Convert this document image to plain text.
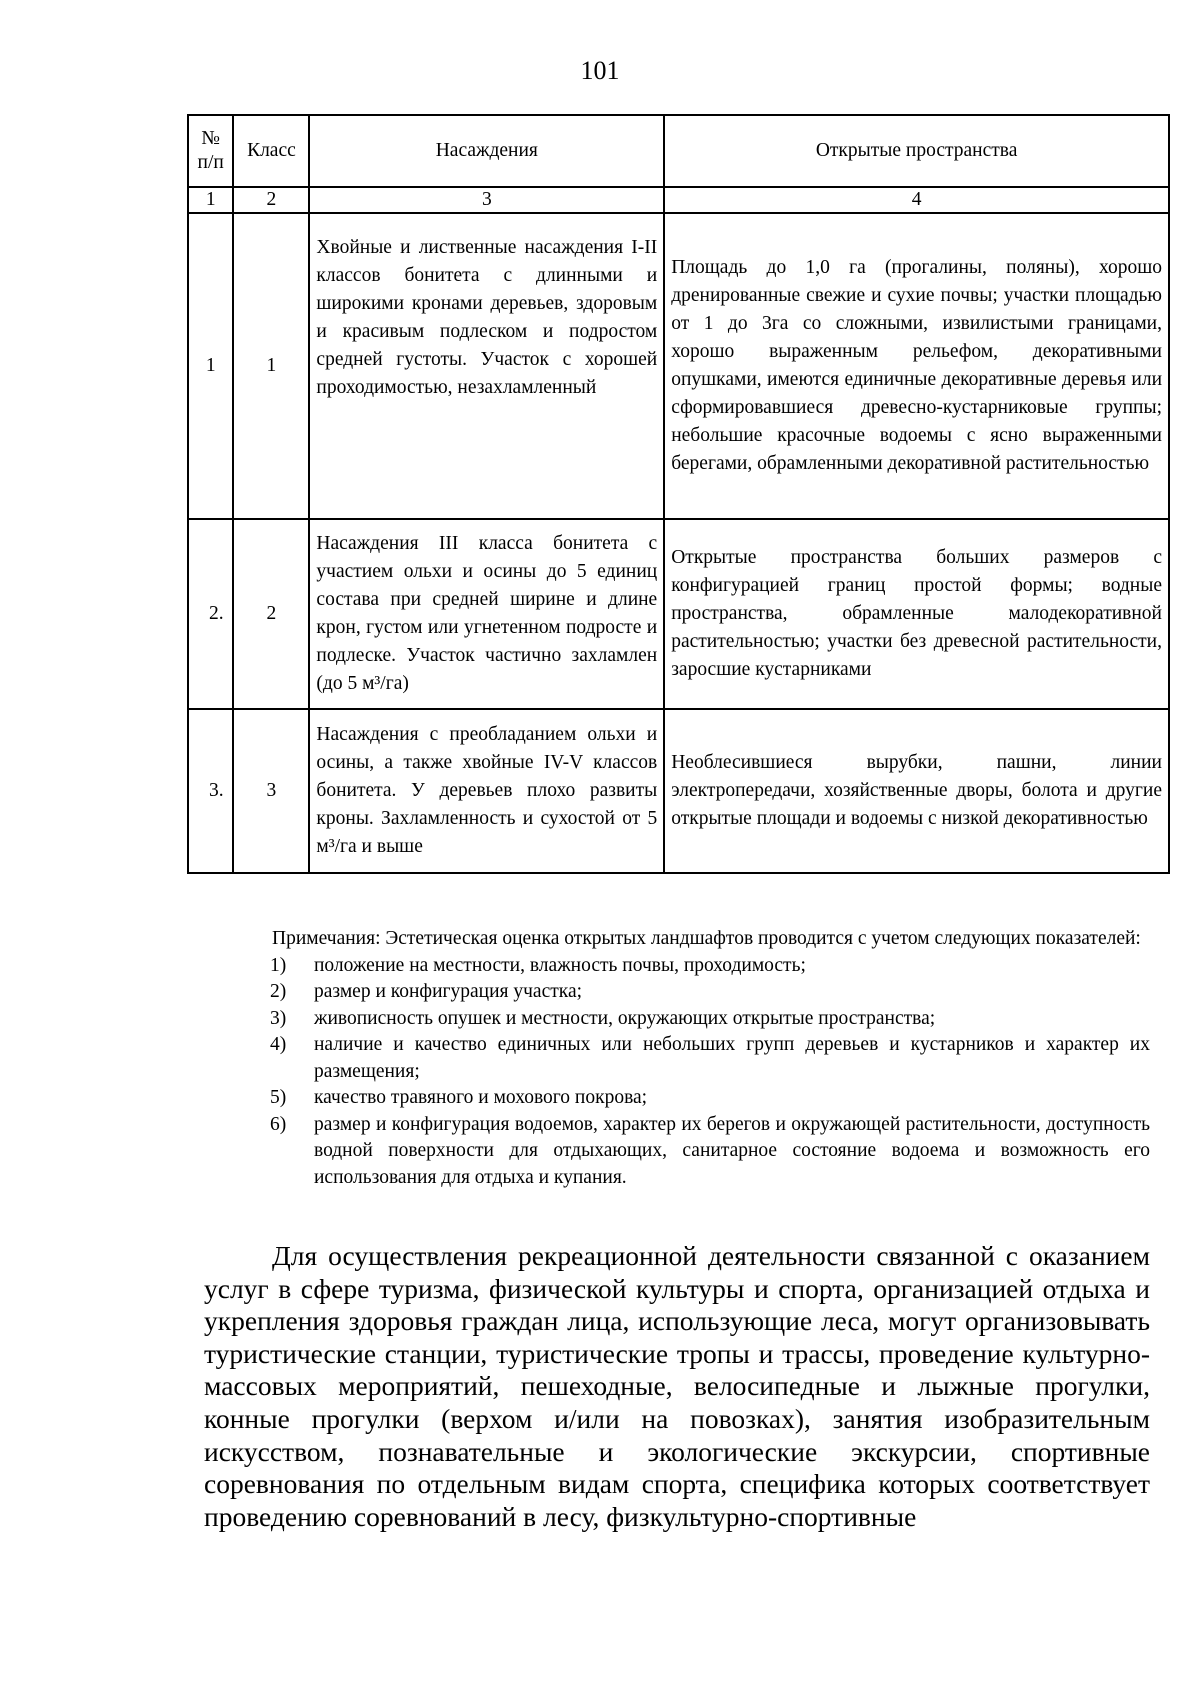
101
№ п/п	Класс	Насаждения	Открытые пространства
1	2	3	4
1	1	Хвойные и лиственные насаждения I-II классов бонитета с длинными и широкими кронами деревьев, здоровым и красивым подлеском и подростом средней густоты. Участок с хорошей проходимостью, незахламленный	Площадь до 1,0 га (прогалины, поляны), хорошо дренированные свежие и сухие почвы; участки площадью от 1 до 3га со сложными, извилистыми границами, хорошо выраженным рельефом, декоративными опушками, имеются единичные декоративные деревья или сформировавшиеся древесно-кустарниковые группы; небольшие красочные водоемы с ясно выраженными берегами, обрамленными декоративной растительностью

2.	2	Насаждения III класса бонитета с участием ольхи и осины до 5 единиц состава при средней ширине и длине крон, густом или угнетенном подросте и подлеске. Участок частично захламлен (до 5 м³/га)	Открытые пространства больших размеров с конфигурацией границ простой формы; водные пространства, обрамленные малодекоративной растительностью; участки без древесной растительности, заросшие кустарниками

3.	3	Насаждения с преобладанием ольхи и осины, а также хвойные IV-V классов бонитета. У деревьев плохо развиты кроны. Захламленность и сухостой от 5 м³/га и выше	Необлесившиеся вырубки, пашни, линии электропередачи, хозяйственные дворы, болота и другие открытые площади и водоемы с низкой декоративностью

Примечания: Эстетическая оценка открытых ландшафтов проводится с учетом следующих показателей:

1)	положение на местности, влажность почвы, проходимость;
2)	размер и конфигурация участка;
3)	живописность опушек и местности, окружающих открытые пространства;
4)	наличие и качество единичных или небольших групп деревьев и кустарников и характер их размещения;
5)	качество травяного и мохового покрова;
6)	размер и конфигурация водоемов, характер их берегов и окружающей растительности, доступность водной поверхности для отдыхающих, санитарное состояние водоема и возможность его использования для отдыха и купания.

Для осуществления рекреационной деятельности связанной с оказанием услуг в сфере туризма, физической культуры и спорта, организацией отдыха и укрепления здоровья граждан лица, использующие леса, могут организовывать туристические станции, туристические тропы и трассы, проведение культурно-массовых мероприятий, пешеходные, велосипедные и лыжные прогулки, конные прогулки (верхом и/или на повозках), занятия изобразительным искусством, познавательные и экологические экскурсии, спортивные соревнования по отдельным видам спорта, специфика которых соответствует проведению соревнований в лесу, физкультурно-спортивные
